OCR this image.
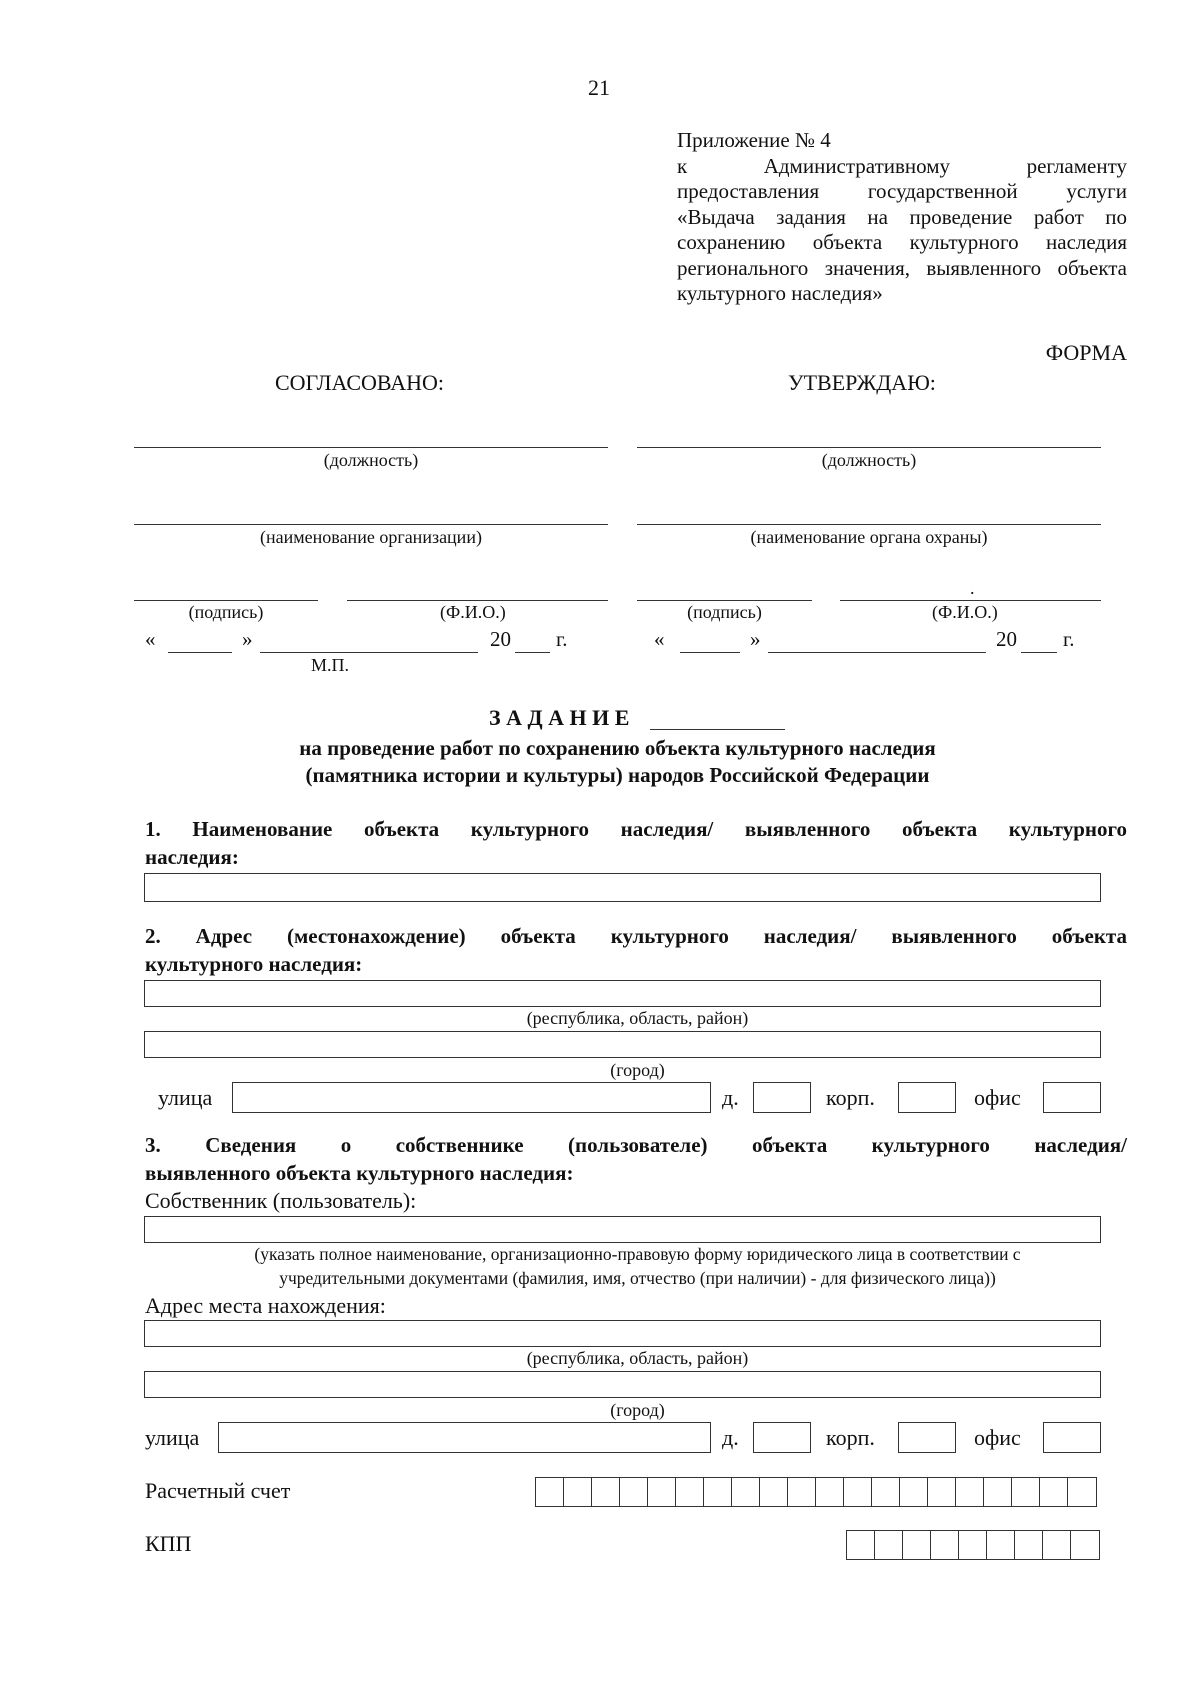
21
Приложение № 4
к	Административному	регламенту
предоставления государственной услуги
«Выдача задания на проведение работ по
сохранению объекта культурного наследия
регионального значения, выявленного объекта
культурного наследия»
ФОРМА
СОГЛАСОВАНО:
(должность)
(наименование организации)
(подпись)	(Ф.И.О.)
«	»	20 г.
М.П.
УТВЕРЖДАЮ:
(должность)
(наименование органа охраны)
.
(подпись)	(Ф.И.О.)
«	»	20 г.
З А Д А Н И Е
на проведение работ по сохранению объекта культурного наследия
(памятника истории и культуры) народов Российской Федерации
1. Наименование объекта культурного наследия/ выявленного объекта культурного
наследия:
2. Адрес (местонахождение) объекта культурного наследия/ выявленного объекта
культурного наследия:
(республика, область, район)
(город)
улица	д.	корп.	офис
3. Сведения о собственнике (пользователе) объекта культурного наследия/
выявленного объекта культурного наследия:
Собственник (пользователь):
(указать полное наименование, организационно-правовую форму юридического лица в соответствии с
учредительными документами (фамилия, имя, отчество (при наличии) - для физического лица))
Адрес места нахождения:
(республика, область, район)
(город)
улица	д.	корп.	офис
Расчетный счет
КПП
